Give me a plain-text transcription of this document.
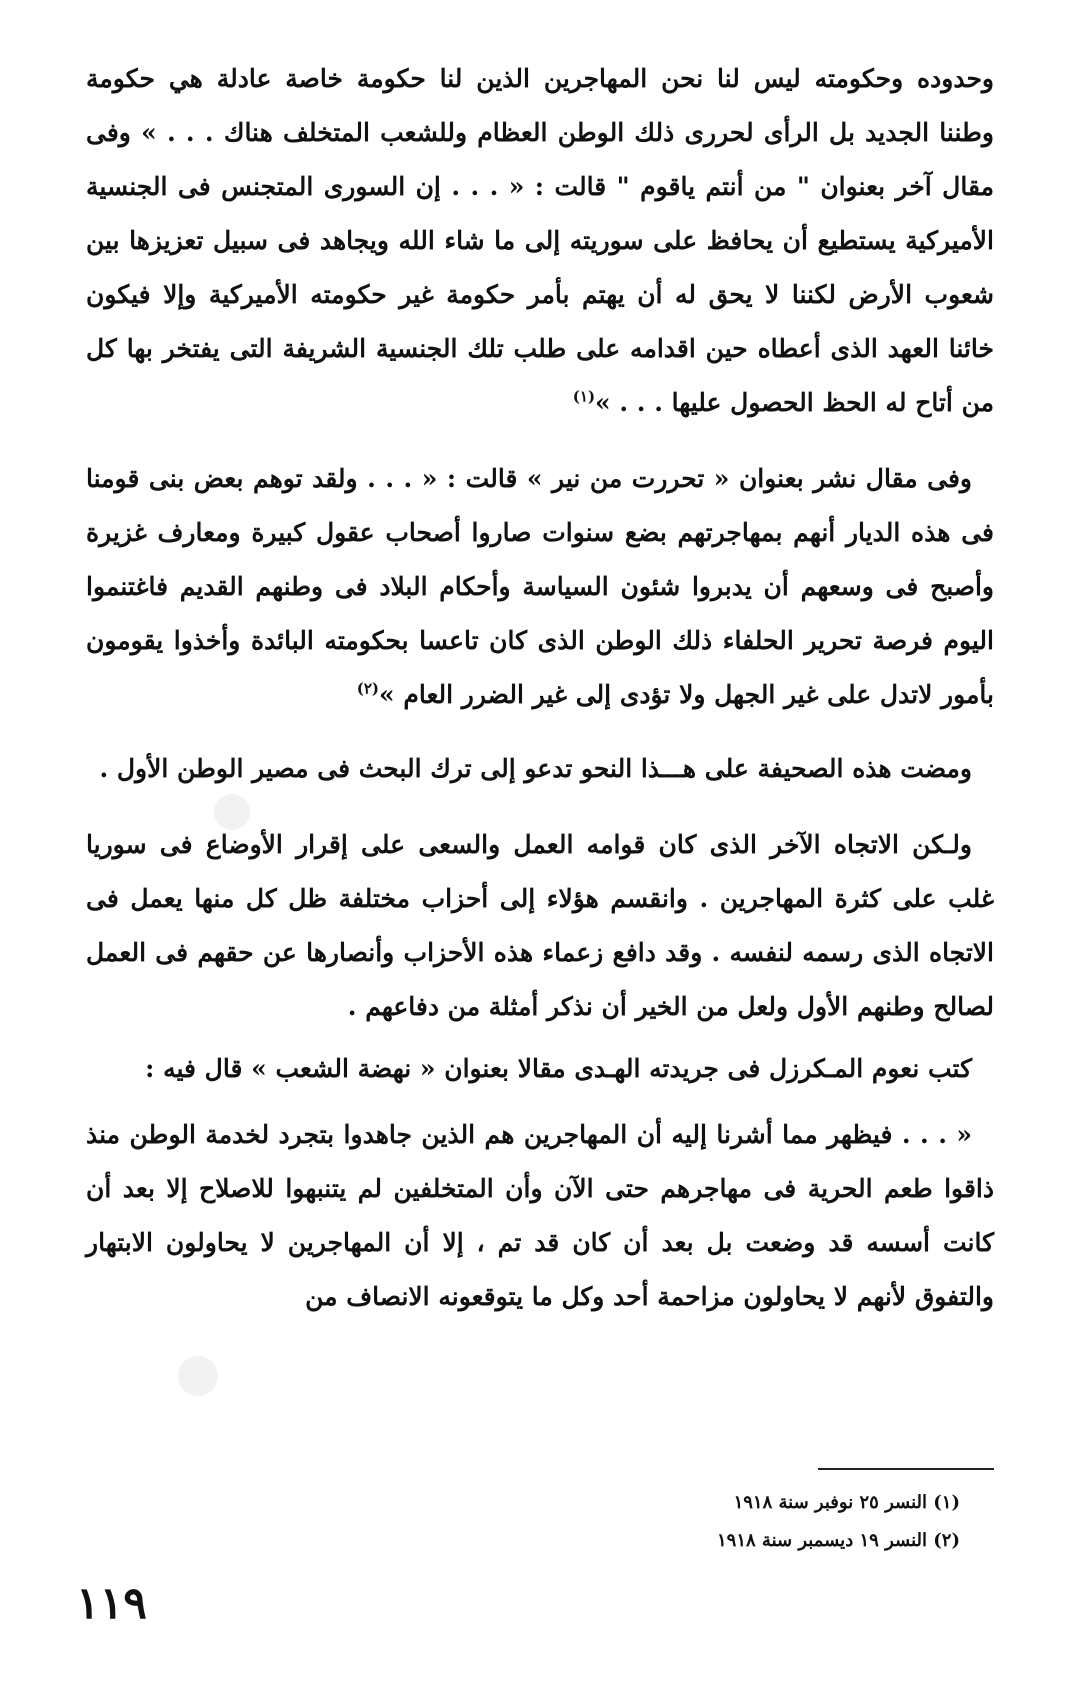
وحدوده وحكومته ليس لنا نحن المهاجرين الذين لنا حكومة خاصة عادلة هي حكومة وطننا الجديد بل الرأى لحررى ذلك الوطن العظام وللشعب المتخلف هناك . . . » وفى مقال آخر بعنوان " من أنتم ياقوم " قالت : « . . . إن السورى المتجنس فى الجنسية الأميركية يستطيع أن يحافظ على سوريته إلى ما شاء الله ويجاهد فى سبيل تعزيزها بين شعوب الأرض لكننا لا يحق له أن يهتم بأمر حكومة غير حكومته الأميركية وإلا فيكون خائنا العهد الذى أعطاه حين اقدامه على طلب تلك الجنسية الشريفة التى يفتخر بها كل من أتاح له الحظ الحصول عليها . . . »$^{(١)}$

وفى مقال نشر بعنوان « تحررت من نير » قالت : « . . . ولقد توهم بعض بنى قومنا فى هذه الديار أنهم بمهاجرتهم بضع سنوات صاروا أصحاب عقول كبيرة ومعارف غزيرة وأصبح فى وسعهم أن يدبروا شئون السياسة وأحكام البلاد فى وطنهم القديم فاغتنموا اليوم فرصة تحرير الحلفاء ذلك الوطن الذى كان تاعسا بحكومته البائدة وأخذوا يقومون بأمور لاتدل على غير الجهل ولا تؤدى إلى غير الضرر العام »$^{(٢)}$

ومضت هذه الصحيفة على هـــذا النحو تدعو إلى ترك البحث فى مصير الوطن الأول .

ولـكن الاتجاه الآخر الذى كان قوامه العمل والسعى على إقرار الأوضاع فى سوريا غلب على كثرة المهاجرين . وانقسم هؤلاء إلى أحزاب مختلفة ظل كل منها يعمل فى الاتجاه الذى رسمه لنفسه . وقد دافع زعماء هذه الأحزاب وأنصارها عن حقهم فى العمل لصالح وطنهم الأول ولعل من الخير أن نذكر أمثلة من دفاعهم .

كتب نعوم المـكرزل فى جريدته الهـدى مقالا بعنوان « نهضة الشعب » قال فيه :

« . . . فيظهر مما أشرنا إليه أن المهاجرين هم الذين جاهدوا بتجرد لخدمة الوطن منذ ذاقوا طعم الحرية فى مهاجرهم حتى الآن وأن المتخلفين لم يتنبهوا للاصلاح إلا بعد أن كانت أسسه قد وضعت بل بعد أن كان قد تم ، إلا أن المهاجرين لا يحاولون الابتهار والتفوق لأنهم لا يحاولون مزاحمة أحد وكل ما يتوقعونه الانصاف من

(١) النسر ٢٥ نوفبر سنة ١٩١٨
(٢) النسر ١٩ ديسمبر سنة ١٩١٨
١١٩
